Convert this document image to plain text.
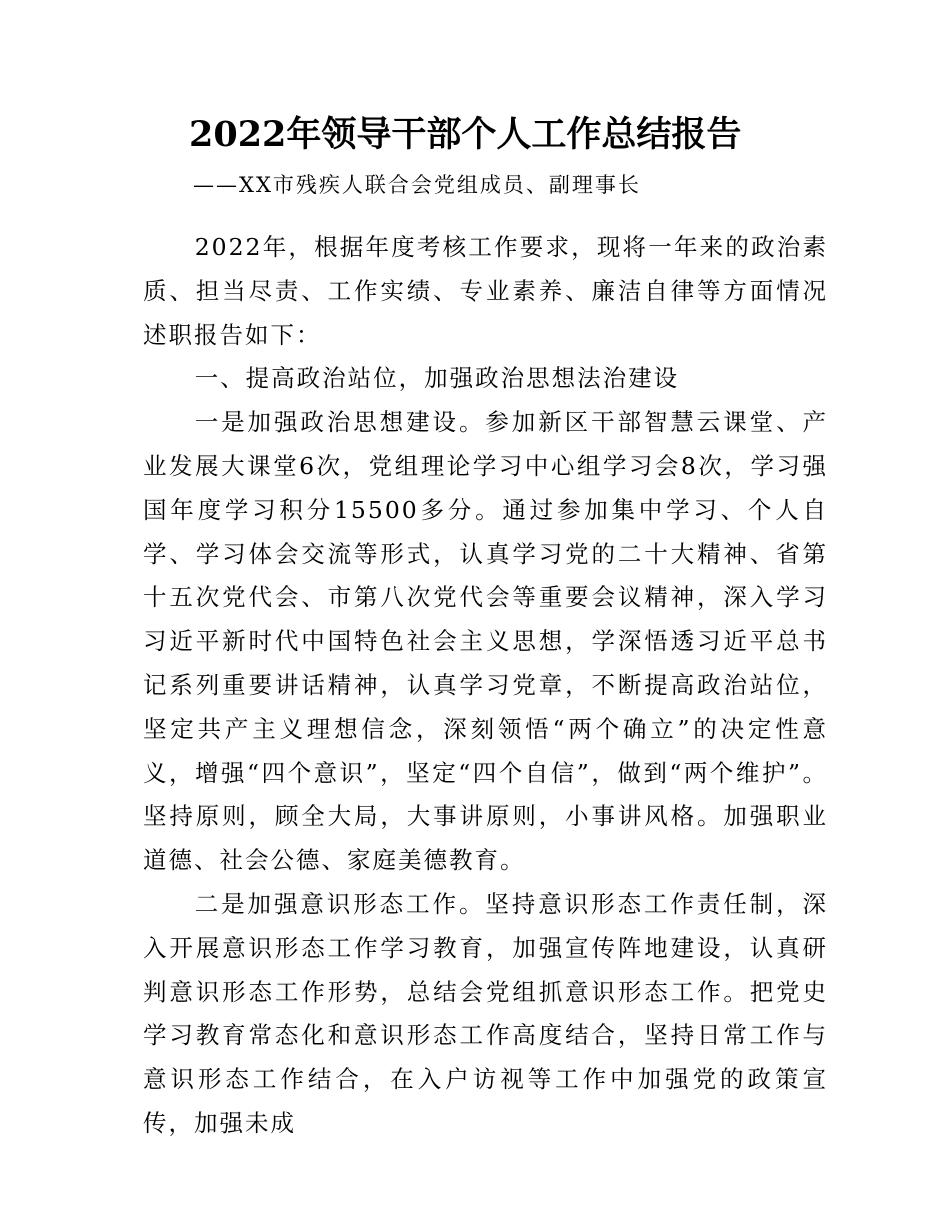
2022年领导干部个人工作总结报告
——XX市残疾人联合会党组成员、副理事长

2022年，根据年度考核工作要求，现将一年来的政治素质、担当尽责、工作实绩、专业素养、廉洁自律等方面情况述职报告如下：

一、提高政治站位，加强政治思想法治建设

一是加强政治思想建设。参加新区干部智慧云课堂、产业发展大课堂6次，党组理论学习中心组学习会8次，学习强国年度学习积分15500多分。通过参加集中学习、个人自学、学习体会交流等形式，认真学习党的二十大精神、省第十五次党代会、市第八次党代会等重要会议精神，深入学习习近平新时代中国特色社会主义思想，学深悟透习近平总书记系列重要讲话精神，认真学习党章，不断提高政治站位，坚定共产主义理想信念，深刻领悟“两个确立”的决定性意义，增强“四个意识”，坚定“四个自信”，做到“两个维护”。坚持原则，顾全大局，大事讲原则，小事讲风格。加强职业道德、社会公德、家庭美德教育。

二是加强意识形态工作。坚持意识形态工作责任制，深入开展意识形态工作学习教育，加强宣传阵地建设，认真研判意识形态工作形势，总结会党组抓意识形态工作。把党史学习教育常态化和意识形态工作高度结合，坚持日常工作与意识形态工作结合，在入户访视等工作中加强党的政策宣传，加强未成
